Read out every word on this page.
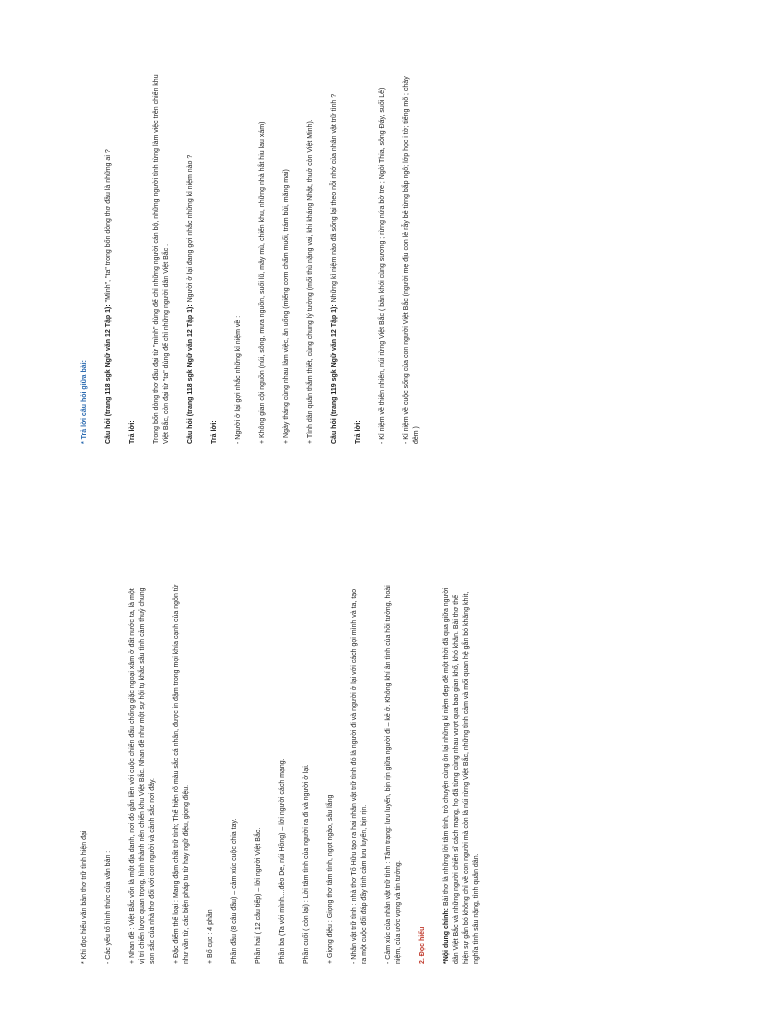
* Khi đọc hiểu văn bản thơ trữ tình hiện đại - Các yếu tố hình thức của văn bản : + Nhan đề : Việt Bắc vốn là một địa danh, nơi đó gắn liền với cuộc chiến đấu chống giặc ngoại xâm ở đất nước ta, là một vị trí chiến lược quan trọng, hình thành nên chiến khu Việt Bắc. Nhan đề như một sự hội tụ khắc sâu tình cảm thuỷ chung son sắc của nhà thơ đối với con người và cảnh sắc nơi đây. + Đặc điểm thể loại : Mang đậm chất trữ tình; Thể hiện rõ màu sắc cá nhân, được in đậm trong mọi khía cạnh của ngôn từ như vần từ, các biện pháp tu từ hay ngữ điệu, giọng điệu. + Bố cục : 4 phần Phần đầu (8 câu đầu) – cảm xúc cuộc chia tay. Phần hai ( 12 câu tiếp) – lời người Việt Bắc. Phần ba (Ta với mình....đèo De, núi Hồng) – lời người cách mạng. Phần cuối ( còn lại) : Lời tâm tình của người ra đi và người ở lại. + Giọng điệu : Giọng thơ tâm tình, ngọt ngào, sâu lắng - Nhân vật trữ tình : nhà thơ Tố Hữu tạo ra hai nhân vật trữ tình đó là người đi và người ở lại với cách gọi mình và ta, tạo ra một cuộc đối đáp đầy tình cảm lưu luyến, bịn rịn. - Cảm xúc của nhân vật trữ tình : Tâm trạng: lưu luyến, bịn rịn giữa người đi – kẻ ở. Không khí ân tình của hồi tưởng, hoài niệm, của ước vọng và tin tưởng. 2. Đọc hiểu *Nội dung chính: Bài thơ là những lời tâm tình, trò chuyện cùng ôn lại những kỉ niệm đẹp đẽ một thời đã qua giữa người dân Việt Bắc và những người chiến sĩ cách mạng, họ đã từng cùng nhau vượt qua bao gian khổ, khó khăn. Bài thơ thể hiện sự gắn bó không chỉ về con người mà còn là núi rừng Việt Bắc, những tình cảm và mối quan hệ gắn bó khăng khít, nghĩa tình sâu nặng, tình quân dân.

* Trả lời câu hỏi giữa bài: Câu hỏi (trang 118 sgk Ngữ văn 12 Tập 1): "Mình", "ta" trong bốn dòng thơ đầu là những ai ?

Trả lời: Trong bốn dòng thơ đầu đại từ "mình" dùng để chỉ những người cán bộ, những người tình từng làm việc trên chiến khu Việt Bắc, còn đại từ "ta" dùng để chỉ những người dân Việt Bắc . Câu hỏi (trang 118 sgk Ngữ văn 12 Tập 1): Người ở lại đang gợi nhắc những kỉ niệm nào ?

Trả lời: - Người ở lại gợi nhắc những kỉ niệm về : + Không gian cội nguồn (núi, sông, mưa nguồn, suối lũ, mây mù, chiến khu, những nhà hắt hiu lau xám) + Ngày tháng cùng nhau làm việc, ăn uống (miếng cơm chấm muối, trám bùi, măng mai) + Tình dân quân thắm thiết, cùng chung lý tưởng (mối thù nặng vai, khi kháng Nhật, thuở còn Việt Minh). Câu hỏi (trang 119 sgk Ngữ văn 12 Tập 1): Những kỉ niệm nào đã sống lại theo nỗi nhớ của nhân vật trữ tình ?

Trả lời: - Kỉ niệm về thiên nhiên, núi rừng Việt Bắc ( bản khói cùng sương ; rừng nứa bờ tre ; Ngòi Thia, sông Đáy, suối Lê) - Kỉ niệm về cuộc sống của con người Việt Bắc (người mẹ địu con lẻ rẫy bẻ từng bắp ngô; lớp học i tờ; tiếng mõ ; chày đêm )
